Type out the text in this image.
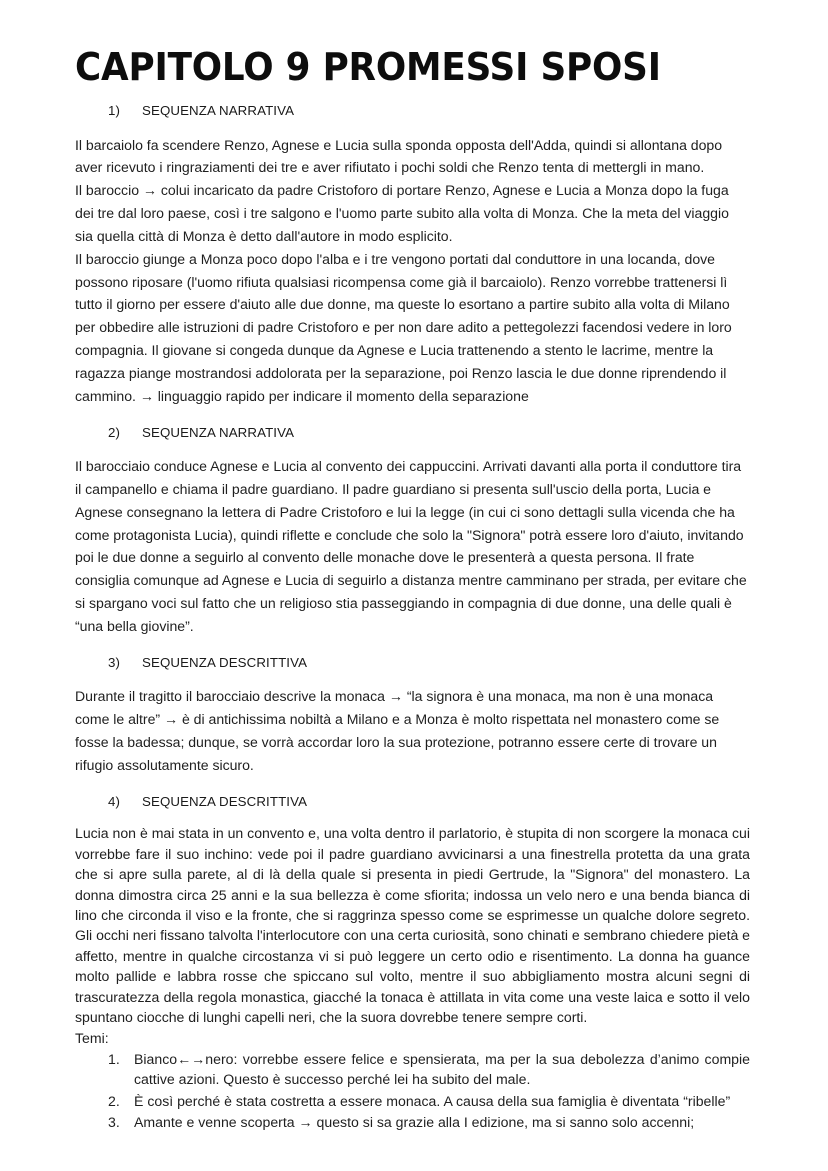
CAPITOLO 9 PROMESSI SPOSI

1) SEQUENZA NARRATIVA

Il barcaiolo fa scendere Renzo, Agnese e Lucia sulla sponda opposta dell'Adda, quindi si allontana dopo aver ricevuto i ringraziamenti dei tre e aver rifiutato i pochi soldi che Renzo tenta di mettergli in mano.

Il baroccio → colui incaricato da padre Cristoforo di portare Renzo, Agnese e Lucia a Monza dopo la fuga dei tre dal loro paese, così i tre salgono e l'uomo parte subito alla volta di Monza. Che la meta del viaggio sia quella città di Monza è detto dall'autore in modo esplicito.

Il baroccio giunge a Monza poco dopo l'alba e i tre vengono portati dal conduttore in una locanda, dove possono riposare (l'uomo rifiuta qualsiasi ricompensa come già il barcaiolo). Renzo vorrebbe trattenersi lì tutto il giorno per essere d'aiuto alle due donne, ma queste lo esortano a partire subito alla volta di Milano per obbedire alle istruzioni di padre Cristoforo e per non dare adito a pettegolezzi facendosi vedere in loro compagnia. Il giovane si congeda dunque da Agnese e Lucia trattenendo a stento le lacrime, mentre la ragazza piange mostrandosi addolorata per la separazione, poi Renzo lascia le due donne riprendendo il cammino. → linguaggio rapido per indicare il momento della separazione

2) SEQUENZA NARRATIVA

Il barocciaio conduce Agnese e Lucia al convento dei cappuccini. Arrivati davanti alla porta il conduttore tira il campanello e chiama il padre guardiano. Il padre guardiano si presenta sull'uscio della porta, Lucia e Agnese consegnano la lettera di Padre Cristoforo e lui la legge (in cui ci sono dettagli sulla vicenda che ha come protagonista Lucia), quindi riflette e conclude che solo la "Signora" potrà essere loro d'aiuto, invitando poi le due donne a seguirlo al convento delle monache dove le presenterà a questa persona. Il frate consiglia comunque ad Agnese e Lucia di seguirlo a distanza mentre camminano per strada, per evitare che si spargano voci sul fatto che un religioso stia passeggiando in compagnia di due donne, una delle quali è “una bella giovine”.

3) SEQUENZA DESCRITTIVA

Durante il tragitto il barocciaio descrive la monaca → “la signora è una monaca, ma non è una monaca come le altre” → è di antichissima nobiltà a Milano e a Monza è molto rispettata nel monastero come se fosse la badessa; dunque, se vorrà accordar loro la sua protezione, potranno essere certe di trovare un rifugio assolutamente sicuro.

4) SEQUENZA DESCRITTIVA

Lucia non è mai stata in un convento e, una volta dentro il parlatorio, è stupita di non scorgere la monaca cui vorrebbe fare il suo inchino: vede poi il padre guardiano avvicinarsi a una finestrella protetta da una grata che si apre sulla parete, al di là della quale si presenta in piedi Gertrude, la "Signora" del monastero. La donna dimostra circa 25 anni e la sua bellezza è come sfiorita; indossa un velo nero e una benda bianca di lino che circonda il viso e la fronte, che si raggrinza spesso come se esprimesse un qualche dolore segreto. Gli occhi neri fissano talvolta l'interlocutore con una certa curiosità, sono chinati e sembrano chiedere pietà e affetto, mentre in qualche circostanza vi si può leggere un certo odio e risentimento. La donna ha guance molto pallide e labbra rosse che spiccano sul volto, mentre il suo abbigliamento mostra alcuni segni di trascuratezza della regola monastica, giacché la tonaca è attillata in vita come una veste laica e sotto il velo spuntano ciocche di lunghi capelli neri, che la suora dovrebbe tenere sempre corti.

Temi:

1.	Bianco←→nero: vorrebbe essere felice e spensierata, ma per la sua debolezza d’animo compie cattive azioni. Questo è successo perché lei ha subito del male.
2.	È così perché è stata costretta a essere monaca. A causa della sua famiglia è diventata “ribelle”
3.	Amante e venne scoperta → questo si sa grazie alla I edizione, ma si sanno solo accenni;
